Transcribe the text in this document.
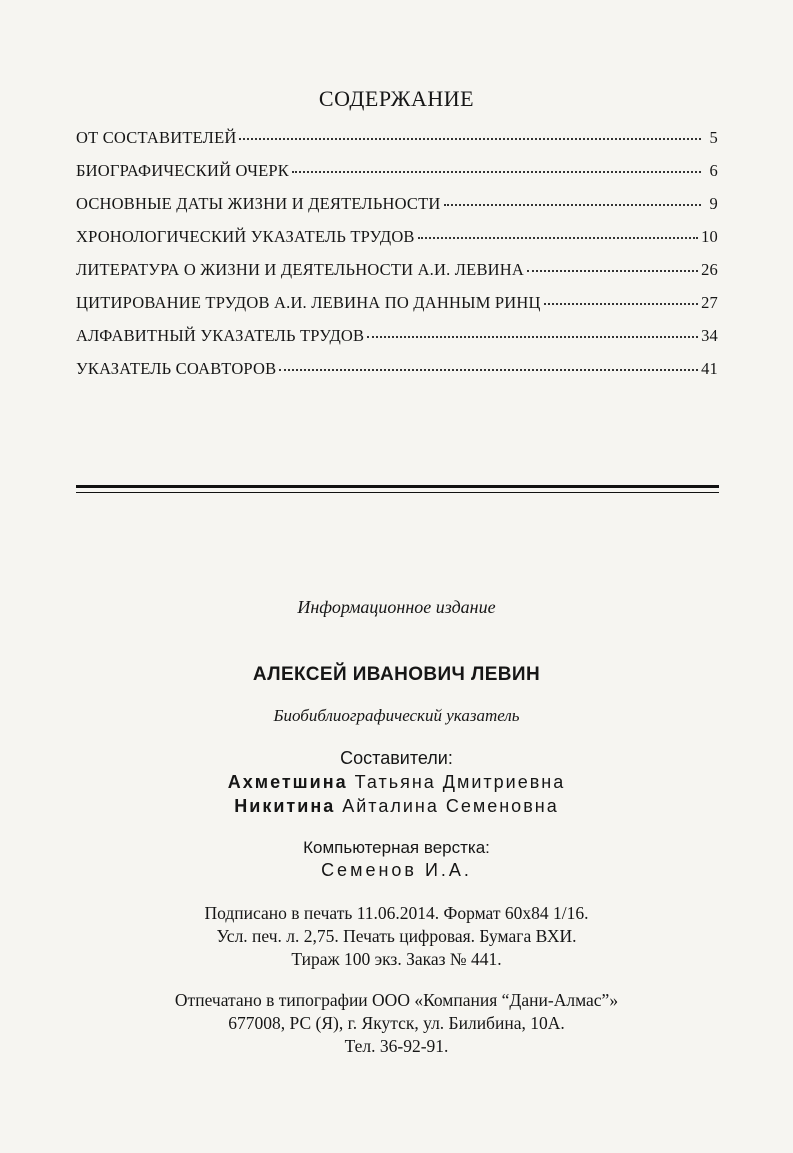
СОДЕРЖАНИЕ
ОТ СОСТАВИТЕЛЕЙ	5
БИОГРАФИЧЕСКИЙ ОЧЕРК	6
ОСНОВНЫЕ ДАТЫ ЖИЗНИ И ДЕЯТЕЛЬНОСТИ	9
ХРОНОЛОГИЧЕСКИЙ УКАЗАТЕЛЬ ТРУДОВ	10
ЛИТЕРАТУРА О ЖИЗНИ И ДЕЯТЕЛЬНОСТИ А.И. ЛЕВИНА	26
ЦИТИРОВАНИЕ ТРУДОВ А.И. ЛЕВИНА ПО ДАННЫМ РИНЦ	27
АЛФАВИТНЫЙ УКАЗАТЕЛЬ ТРУДОВ	34
УКАЗАТЕЛЬ СОАВТОРОВ	41
Информационное издание
АЛЕКСЕЙ ИВАНОВИЧ ЛЕВИН
Биобиблиографический указатель
Составители:
Ахметшина Татьяна Дмитриевна
Никитина Айталина Семеновна
Компьютерная верстка:
Семенов И.А.
Подписано в печать 11.06.2014. Формат 60х84 1/16.
Усл. печ. л. 2,75. Печать цифровая. Бумага ВХИ.
Тираж 100 экз. Заказ № 441.
Отпечатано в типографии ООО «Компания “Дани-Алмас”»
677008, РС (Я), г. Якутск, ул. Билибина, 10А.
Тел. 36-92-91.
